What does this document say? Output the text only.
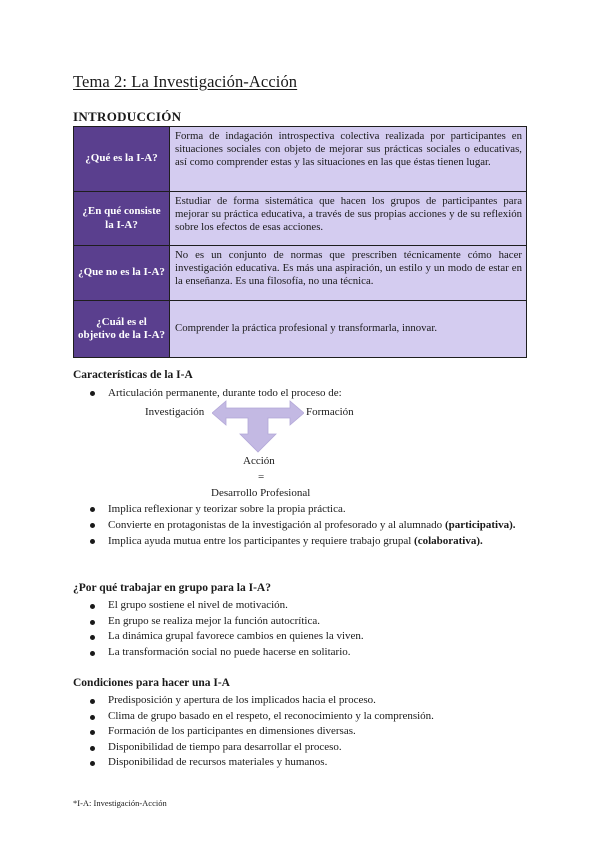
Tema 2: La Investigación-Acción
INTRODUCCIÓN
¿Qué es la I-A?	Forma de indagación introspectiva colectiva realizada por participantes en situaciones sociales con objeto de mejorar sus prácticas sociales o educativas, así como comprender estas y las situaciones en las que éstas tienen lugar.
¿En qué consiste la I-A?	Estudiar de forma sistemática que hacen los grupos de participantes para mejorar su práctica educativa, a través de sus propias acciones y de su reflexión sobre los efectos de esas acciones.
¿Que no es la I-A?	No es un conjunto de normas que prescriben técnicamente cómo hacer investigación educativa. Es más una aspiración, un estilo y un modo de estar en la enseñanza. Es una filosofía, no una técnica.
¿Cuál es el objetivo de la I-A?	Comprender la práctica profesional y transformarla, innovar.
Características de la I-A
Articulación permanente, durante todo el proceso de:
Investigación	Formación
Acción
=
Desarrollo Profesional
Implica reflexionar y teorizar sobre la propia práctica.
Convierte en protagonistas de la investigación al profesorado y al alumnado (participativa).
Implica ayuda mutua entre los participantes y requiere trabajo grupal (colaborativa).
¿Por qué trabajar en grupo para la I-A?
El grupo sostiene el nivel de motivación.
En grupo se realiza mejor la función autocrítica.
La dinámica grupal favorece cambios en quienes la viven.
La transformación social no puede hacerse en solitario.
Condiciones para hacer una I-A
Predisposición y apertura de los implicados hacia el proceso.
Clima de grupo basado en el respeto, el reconocimiento y la comprensión.
Formación de los participantes en dimensiones diversas.
Disponibilidad de tiempo para desarrollar el proceso.
Disponibilidad de recursos materiales y humanos.
*I-A: Investigación-Acción
